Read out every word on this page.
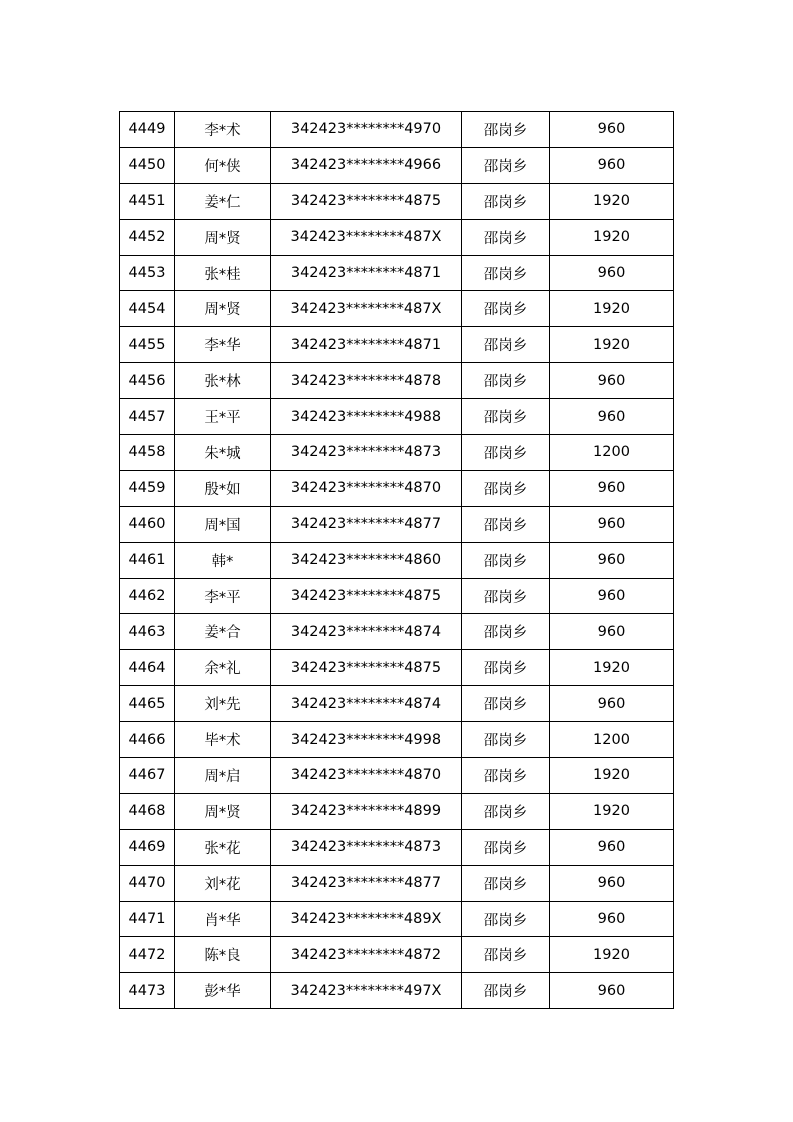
4449	李*术	342423********4970	邵岗乡	960
4450	何*侠	342423********4966	邵岗乡	960
4451	姜*仁	342423********4875	邵岗乡	1920
4452	周*贤	342423********487X	邵岗乡	1920
4453	张*桂	342423********4871	邵岗乡	960
4454	周*贤	342423********487X	邵岗乡	1920
4455	李*华	342423********4871	邵岗乡	1920
4456	张*林	342423********4878	邵岗乡	960
4457	王*平	342423********4988	邵岗乡	960
4458	朱*城	342423********4873	邵岗乡	1200
4459	殷*如	342423********4870	邵岗乡	960
4460	周*国	342423********4877	邵岗乡	960
4461	韩*	342423********4860	邵岗乡	960
4462	李*平	342423********4875	邵岗乡	960
4463	姜*合	342423********4874	邵岗乡	960
4464	余*礼	342423********4875	邵岗乡	1920
4465	刘*先	342423********4874	邵岗乡	960
4466	毕*术	342423********4998	邵岗乡	1200
4467	周*启	342423********4870	邵岗乡	1920
4468	周*贤	342423********4899	邵岗乡	1920
4469	张*花	342423********4873	邵岗乡	960
4470	刘*花	342423********4877	邵岗乡	960
4471	肖*华	342423********489X	邵岗乡	960
4472	陈*良	342423********4872	邵岗乡	1920
4473	彭*华	342423********497X	邵岗乡	960
